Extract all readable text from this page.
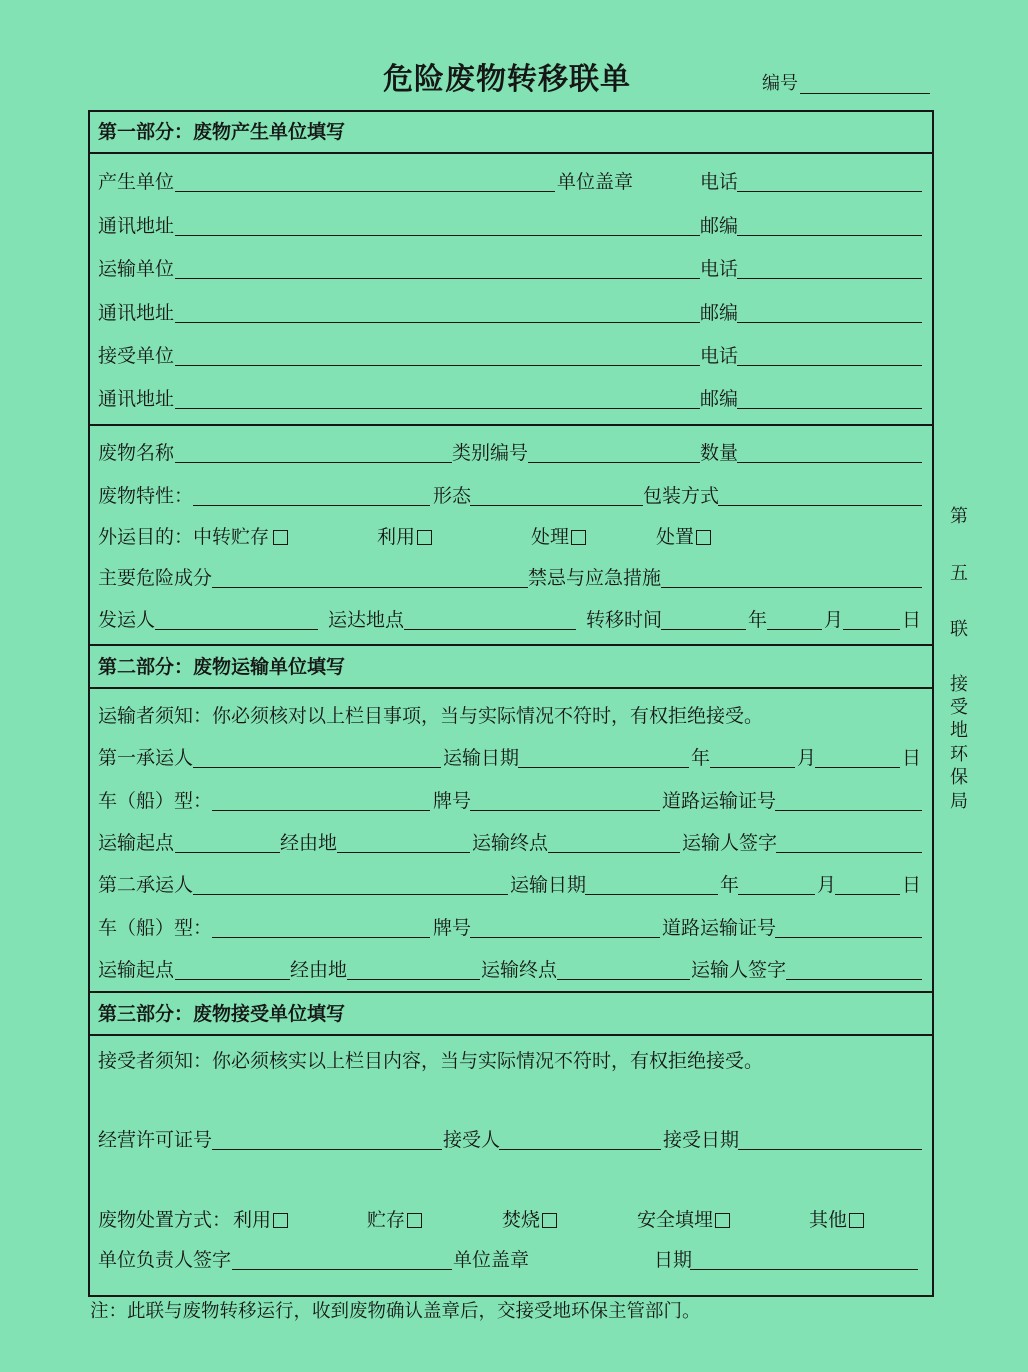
危险废物转移联单	编号
第一部分：废物产生单位填写
产生单位	单位盖章	电话
通讯地址	邮编
运输单位	电话
通讯地址	邮编
接受单位	电话
通讯地址	邮编
废物名称	类别编号	数量
废物特性：	形态	包装方式
外运目的： 中转贮存	利用	处理	处置
主要危险成分	禁忌与应急措施
发运人	运达地点	转移时间	年	月	日
第二部分：废物运输单位填写
运输者须知：你必须核对以上栏目事项，当与实际情况不符时，有权拒绝接受。
第一承运人	运输日期	年	月	日
车（船）型：	牌号	道路运输证号
运输起点	经由地	运输终点	运输人签字
第二承运人	运输日期	年	月	日
车（船）型：	牌号	道路运输证号
运输起点	经由地	运输终点	运输人签字
第三部分：废物接受单位填写
接受者须知：你必须核实以上栏目内容，当与实际情况不符时，有权拒绝接受。
经营许可证号	接受人	接受日期
废物处置方式： 利用	贮存	焚烧	安全填埋	其他
单位负责人签字	单位盖章	日期
注：此联与废物转移运行，收到废物确认盖章后，交接受地环保主管部门。
第
五
联
接
受
地
环
保
局
